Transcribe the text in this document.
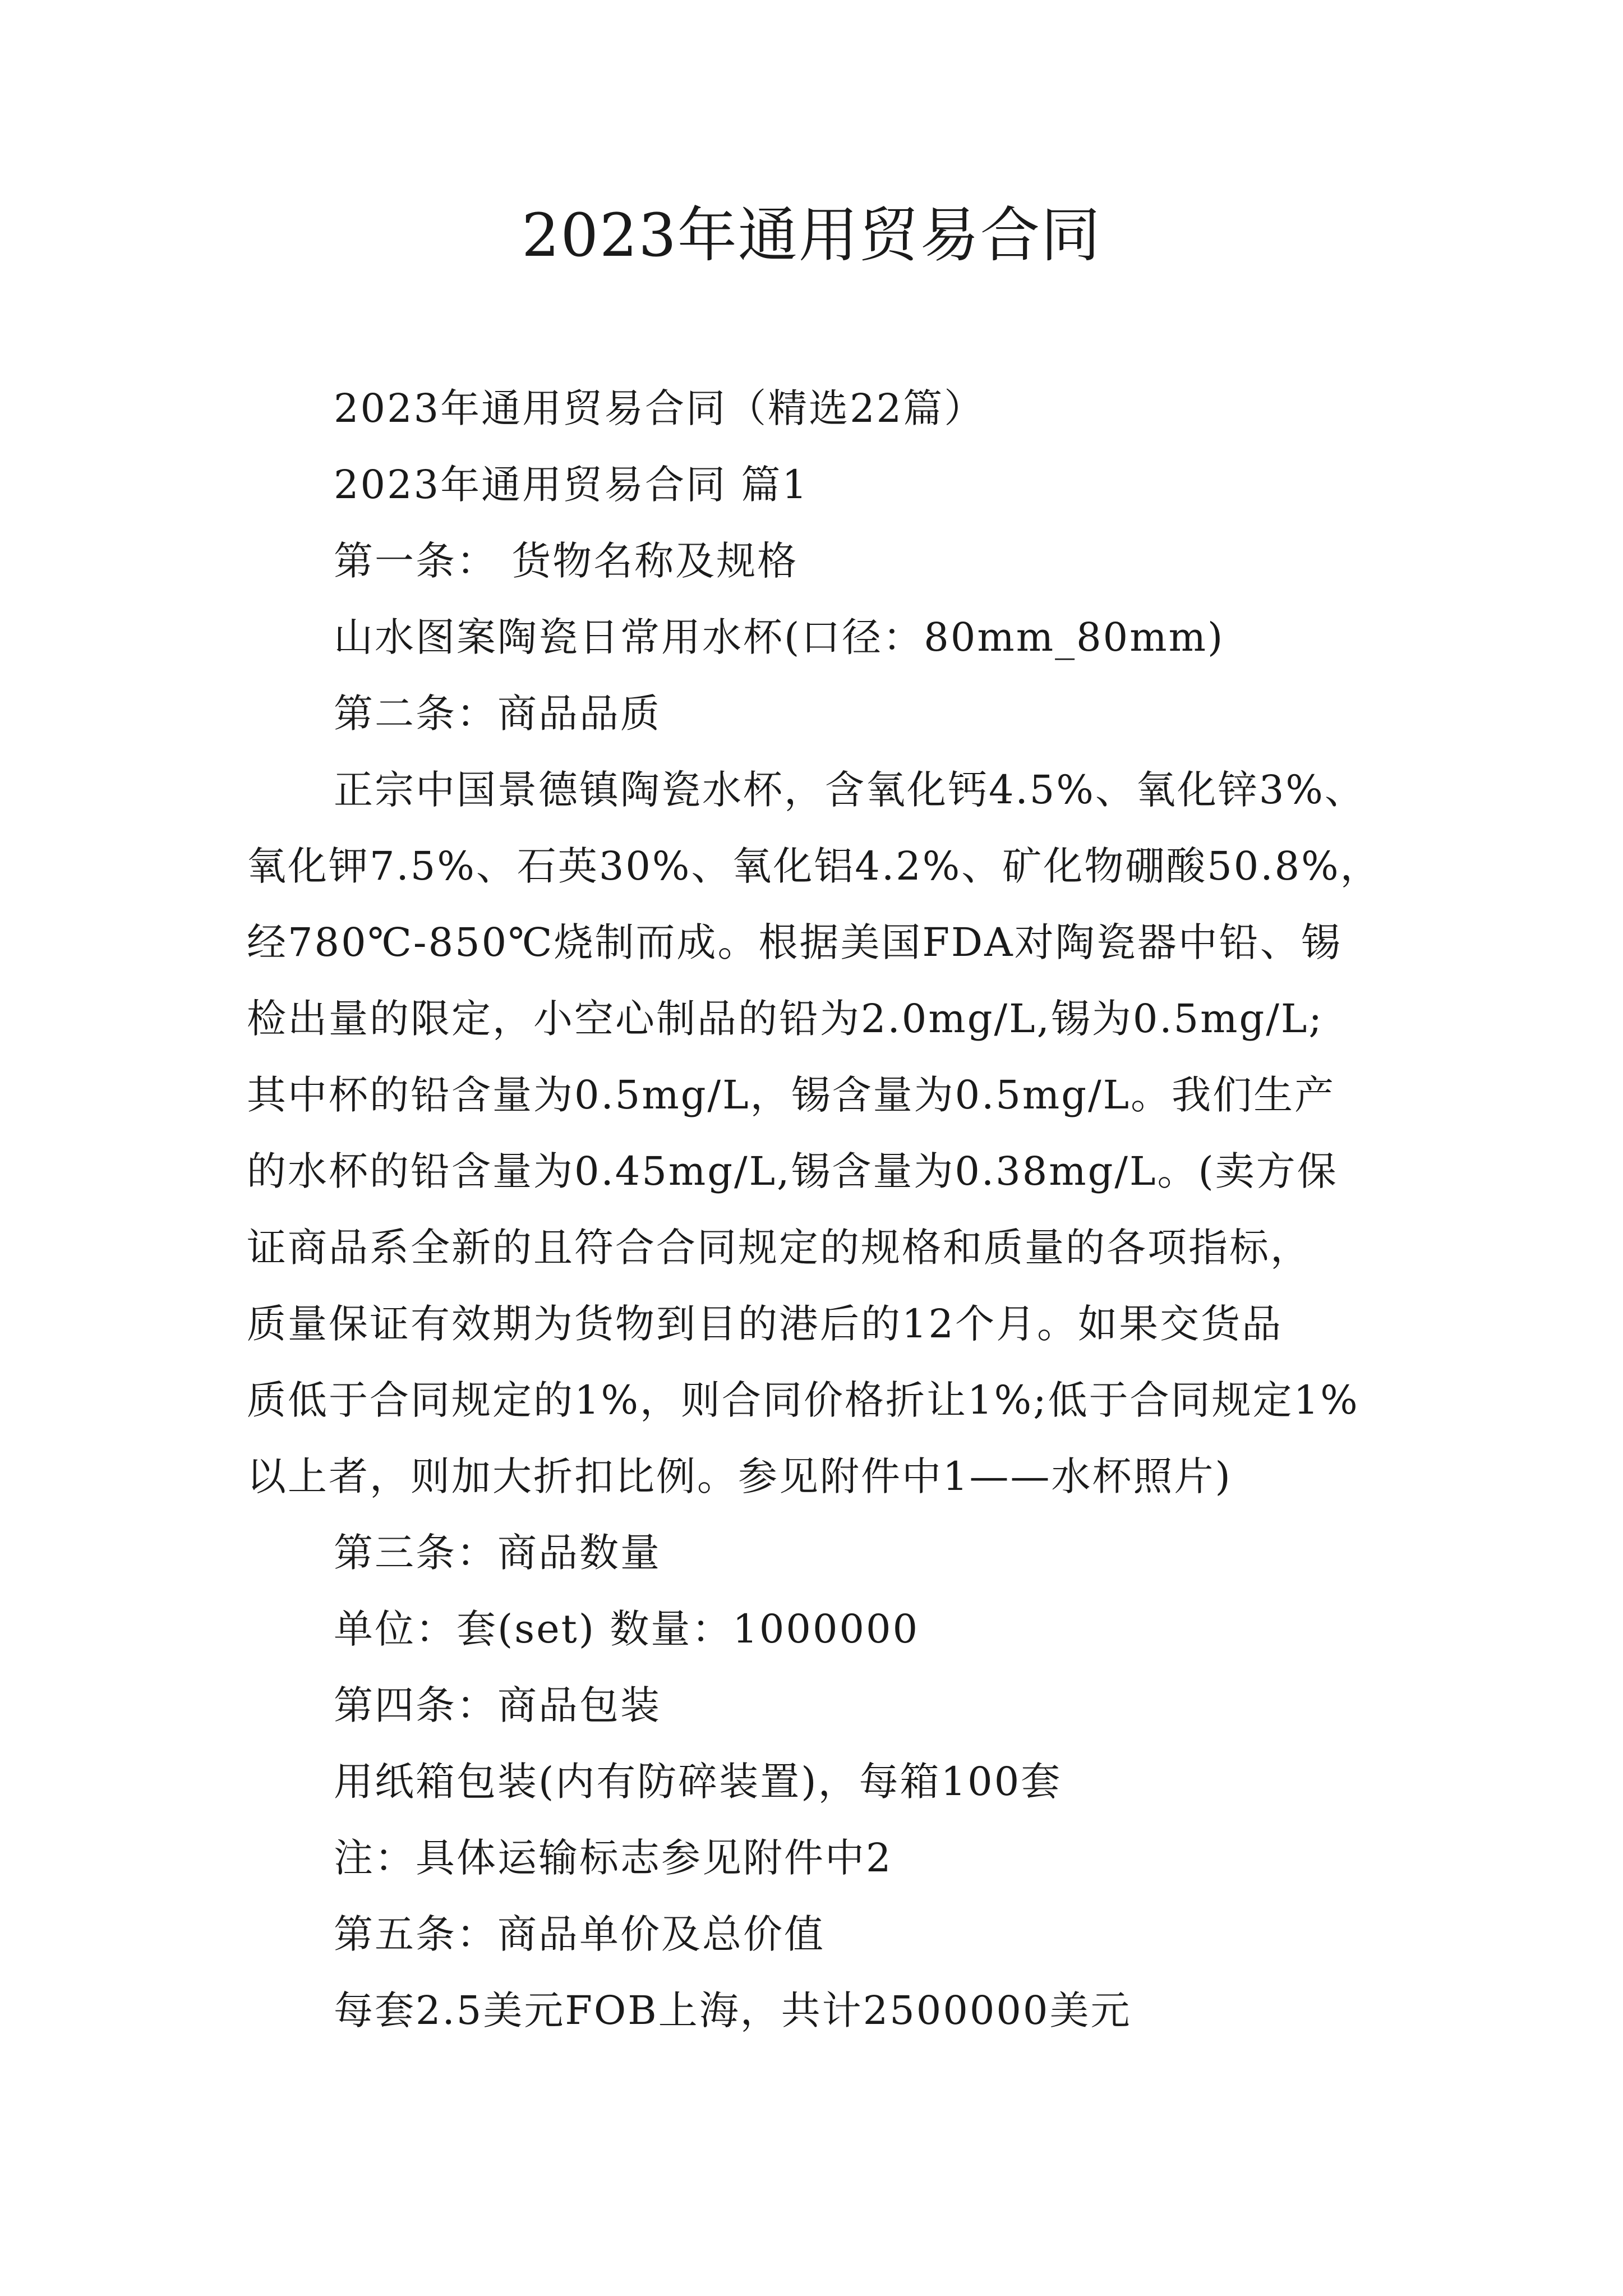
2023年通用贸易合同
2023年通用贸易合同（精选22篇）
2023年通用贸易合同 篇1
第一条： 货物名称及规格
山水图案陶瓷日常用水杯(口径：80mm_80mm)
第二条：商品品质
正宗中国景德镇陶瓷水杯，含氧化钙4.5%、氧化锌3%、
氧化钾7.5%、石英30%、氧化铝4.2%、矿化物硼酸50.8%，
经780℃-850℃烧制而成。根据美国FDA对陶瓷器中铅、锡
检出量的限定，小空心制品的铅为2.0mg/L,锡为0.5mg/L;
其中杯的铅含量为0.5mg/L，锡含量为0.5mg/L。我们生产
的水杯的铅含量为0.45mg/L,锡含量为0.38mg/L。(卖方保
证商品系全新的且符合合同规定的规格和质量的各项指标，
质量保证有效期为货物到目的港后的12个月。如果交货品
质低于合同规定的1%，则合同价格折让1%;低于合同规定1%
以上者，则加大折扣比例。参见附件中1——水杯照片)
第三条：商品数量
单位：套(set) 数量：1000000
第四条：商品包装
用纸箱包装(内有防碎装置)，每箱100套
注：具体运输标志参见附件中2
第五条：商品单价及总价值
每套2.5美元FOB上海，共计2500000美元
